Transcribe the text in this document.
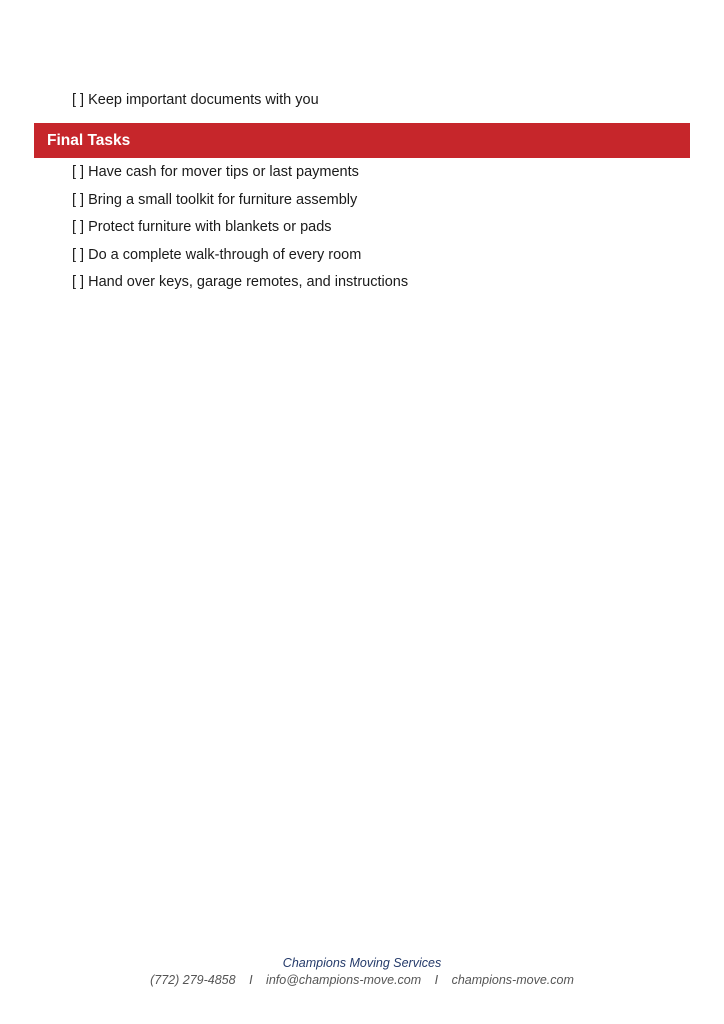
[ ] Keep important documents with you
Final Tasks
[ ] Have cash for mover tips or last payments
[ ] Bring a small toolkit for furniture assembly
[ ] Protect furniture with blankets or pads
[ ] Do a complete walk-through of every room
[ ] Hand over keys, garage remotes, and instructions
Champions Moving Services
(772) 279-4858 I info@champions-move.com I champions-move.com
